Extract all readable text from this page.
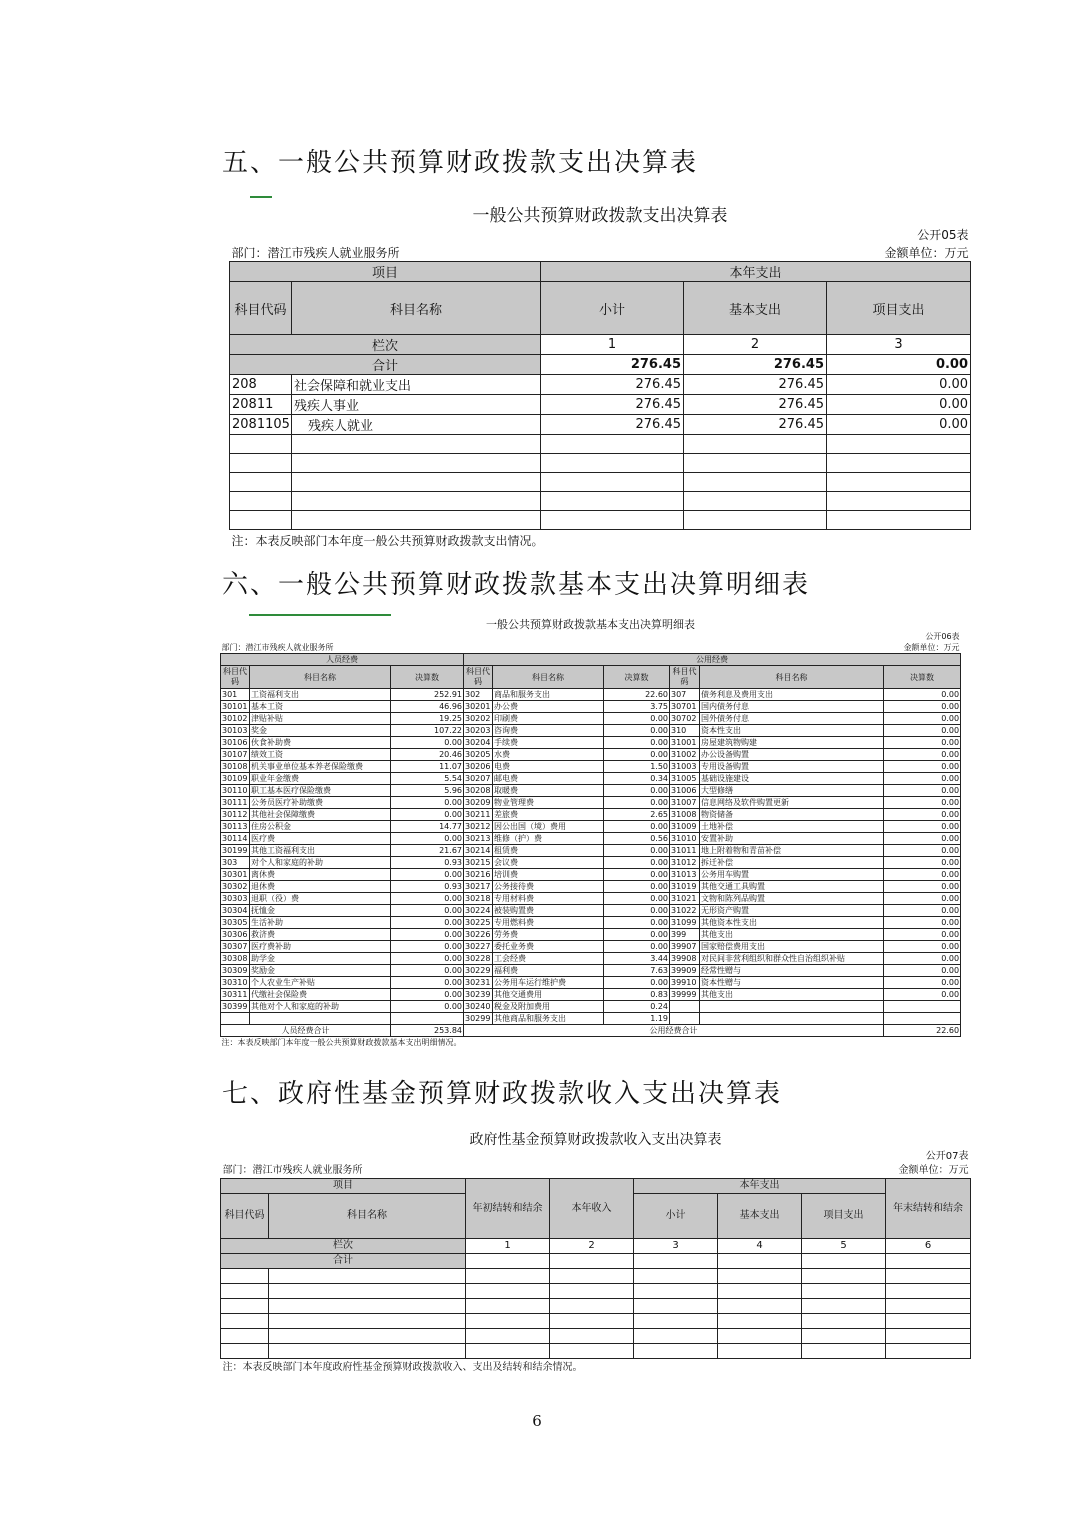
五、一般公共预算财政拨款支出决算表
一般公共预算财政拨款支出决算表				
公开05表				
部门：潜江市残疾人就业服务所			金额单位：万元	
项目		本年支出		
科目代码	科目名称	小计	基本支出	项目支出
栏次		1	2	3
合计		276.45	276.45	0.00
208	社会保障和就业支出	276.45	276.45	0.00
20811	残疾人事业	276.45	276.45	0.00
2081105	残疾人就业	276.45	276.45	0.00

注：本表反映部门本年度一般公共预算财政拨款支出情况。				
六、一般公共预算财政拨款基本支出决算明细表
一般公共预算财政拨款基本支出决算明细表								
公开06表								
部门：潜江市残疾人就业服务所					金额单位：万元			
人员经费			公用经费					
科目代码	科目名称	决算数	科目代码	科目名称	决算数	科目代码	科目名称	决算数
301	工资福利支出	252.91	302	商品和服务支出	22.60	307	债务利息及费用支出	0.00
30101	基本工资	46.96	30201	办公费	3.75	30701	国内债务付息	0.00
30102	津贴补贴	19.25	30202	印刷费	0.00	30702	国外债务付息	0.00
30103	奖金	107.22	30203	咨询费	0.00	310	资本性支出	0.00
30106	伙食补助费	0.00	30204	手续费	0.00	31001	房屋建筑物购建	0.00
30107	绩效工资	20.46	30205	水费	0.00	31002	办公设备购置	0.00
30108	机关事业单位基本养老保险缴费	11.07	30206	电费	1.50	31003	专用设备购置	0.00
30109	职业年金缴费	5.54	30207	邮电费	0.34	31005	基础设施建设	0.00
30110	职工基本医疗保险缴费	5.96	30208	取暖费	0.00	31006	大型修缮	0.00
30111	公务员医疗补助缴费	0.00	30209	物业管理费	0.00	31007	信息网络及软件购置更新	0.00
30112	其他社会保障缴费	0.00	30211	差旅费	2.65	31008	物资储备	0.00
30113	住房公积金	14.77	30212	因公出国（境）费用	0.00	31009	土地补偿	0.00
30114	医疗费	0.00	30213	维修（护）费	0.56	31010	安置补助	0.00
30199	其他工资福利支出	21.67	30214	租赁费	0.00	31011	地上附着物和青苗补偿	0.00
303	对个人和家庭的补助	0.93	30215	会议费	0.00	31012	拆迁补偿	0.00
30301	离休费	0.00	30216	培训费	0.00	31013	公务用车购置	0.00
30302	退休费	0.93	30217	公务接待费	0.00	31019	其他交通工具购置	0.00
30303	退职（役）费	0.00	30218	专用材料费	0.00	31021	文物和陈列品购置	0.00
30304	抚恤金	0.00	30224	被装购置费	0.00	31022	无形资产购置	0.00
30305	生活补助	0.00	30225	专用燃料费	0.00	31099	其他资本性支出	0.00
30306	救济费	0.00	30226	劳务费	0.00	399	其他支出	0.00
30307	医疗费补助	0.00	30227	委托业务费	0.00	39907	国家赔偿费用支出	0.00
30308	助学金	0.00	30228	工会经费	3.44	39908	对民间非营利组织和群众性自治组织补贴	0.00
30309	奖励金	0.00	30229	福利费	7.63	39909	经常性赠与	0.00
30310	个人农业生产补贴	0.00	30231	公务用车运行维护费	0.00	39910	资本性赠与	0.00
30311	代缴社会保险费	0.00	30239	其他交通费用	0.83	39999	其他支出	0.00
30399	其他对个人和家庭的补助	0.00	30240	税金及附加费用	0.24			
			30299	其他商品和服务支出	1.19			
人员经费合计		253.84	公用经费合计					22.60
注：本表反映部门本年度一般公共预算财政拨款基本支出明细情况。								
七、政府性基金预算财政拨款收入支出决算表
政府性基金预算财政拨款收入支出决算表							
公开07表							
部门：潜江市残疾人就业服务所				金额单位：万元			
项目		年初结转和结余	本年收入	本年支出			年末结转和结余
科目代码	科目名称			小计	基本支出	项目支出	
栏次		1	2	3	4	5	6
合计							

注：本表反映部门本年度政府性基金预算财政拨款收入、支出及结转和结余情况。							
6
